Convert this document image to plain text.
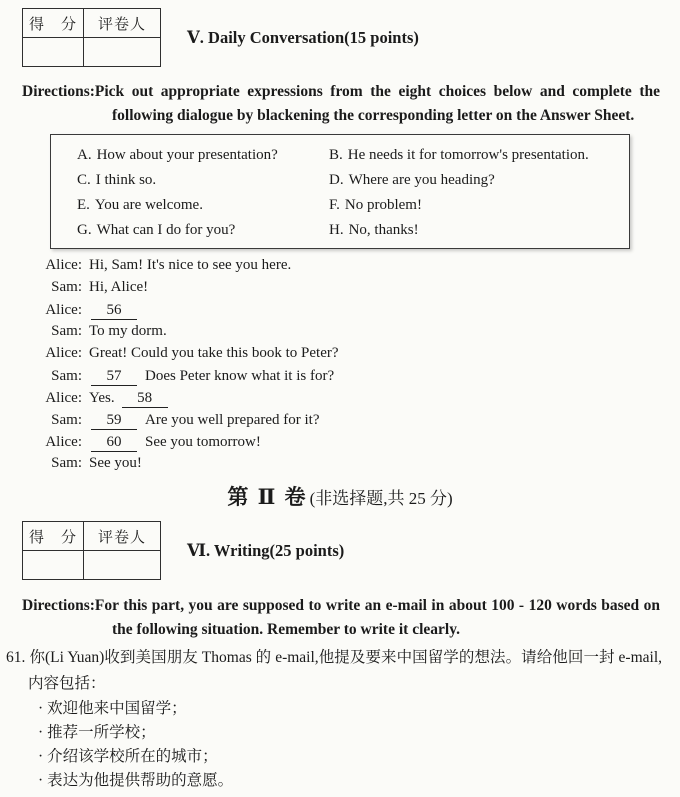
得　分	评卷人

Ⅴ. Daily Conversation(15 points)

Directions:Pick out appropriate expressions from the eight choices below and complete the following dialogue by blackening the corresponding letter on the Answer Sheet.

A. How about your presentation?	B. He needs it for tomorrow's presentation.
C. I think so.	D. Where are you heading?
E. You are welcome.	F. No problem!
G. What can I do for you?	H. No, thanks!
Alice: Hi, Sam! It's nice to see you here.
Sam: Hi, Alice!
Alice:	56
Sam: To my dorm.
Alice: Great! Could you take this book to Peter?
Sam:	57 Does Peter know what it is for?
Alice: Yes. 58
Sam:	59 Are you well prepared for it?
Alice:	60 See you tomorrow!
Sam: See you!
第 Ⅱ 卷 (非选择题,共 25 分)
得　分	评卷人

Ⅵ. Writing(25 points)

Directions:For this part, you are supposed to write an e-mail in about 100 - 120 words based on the following situation. Remember to write it clearly.

61. 你(Li Yuan)收到美国朋友 Thomas 的 e-mail,他提及要来中国留学的想法。请给他回一封 e-mail, 内容包括：

· 欢迎他来中国留学；
· 推荐一所学校；
· 介绍该学校所在的城市；
· 表达为他提供帮助的意愿。
